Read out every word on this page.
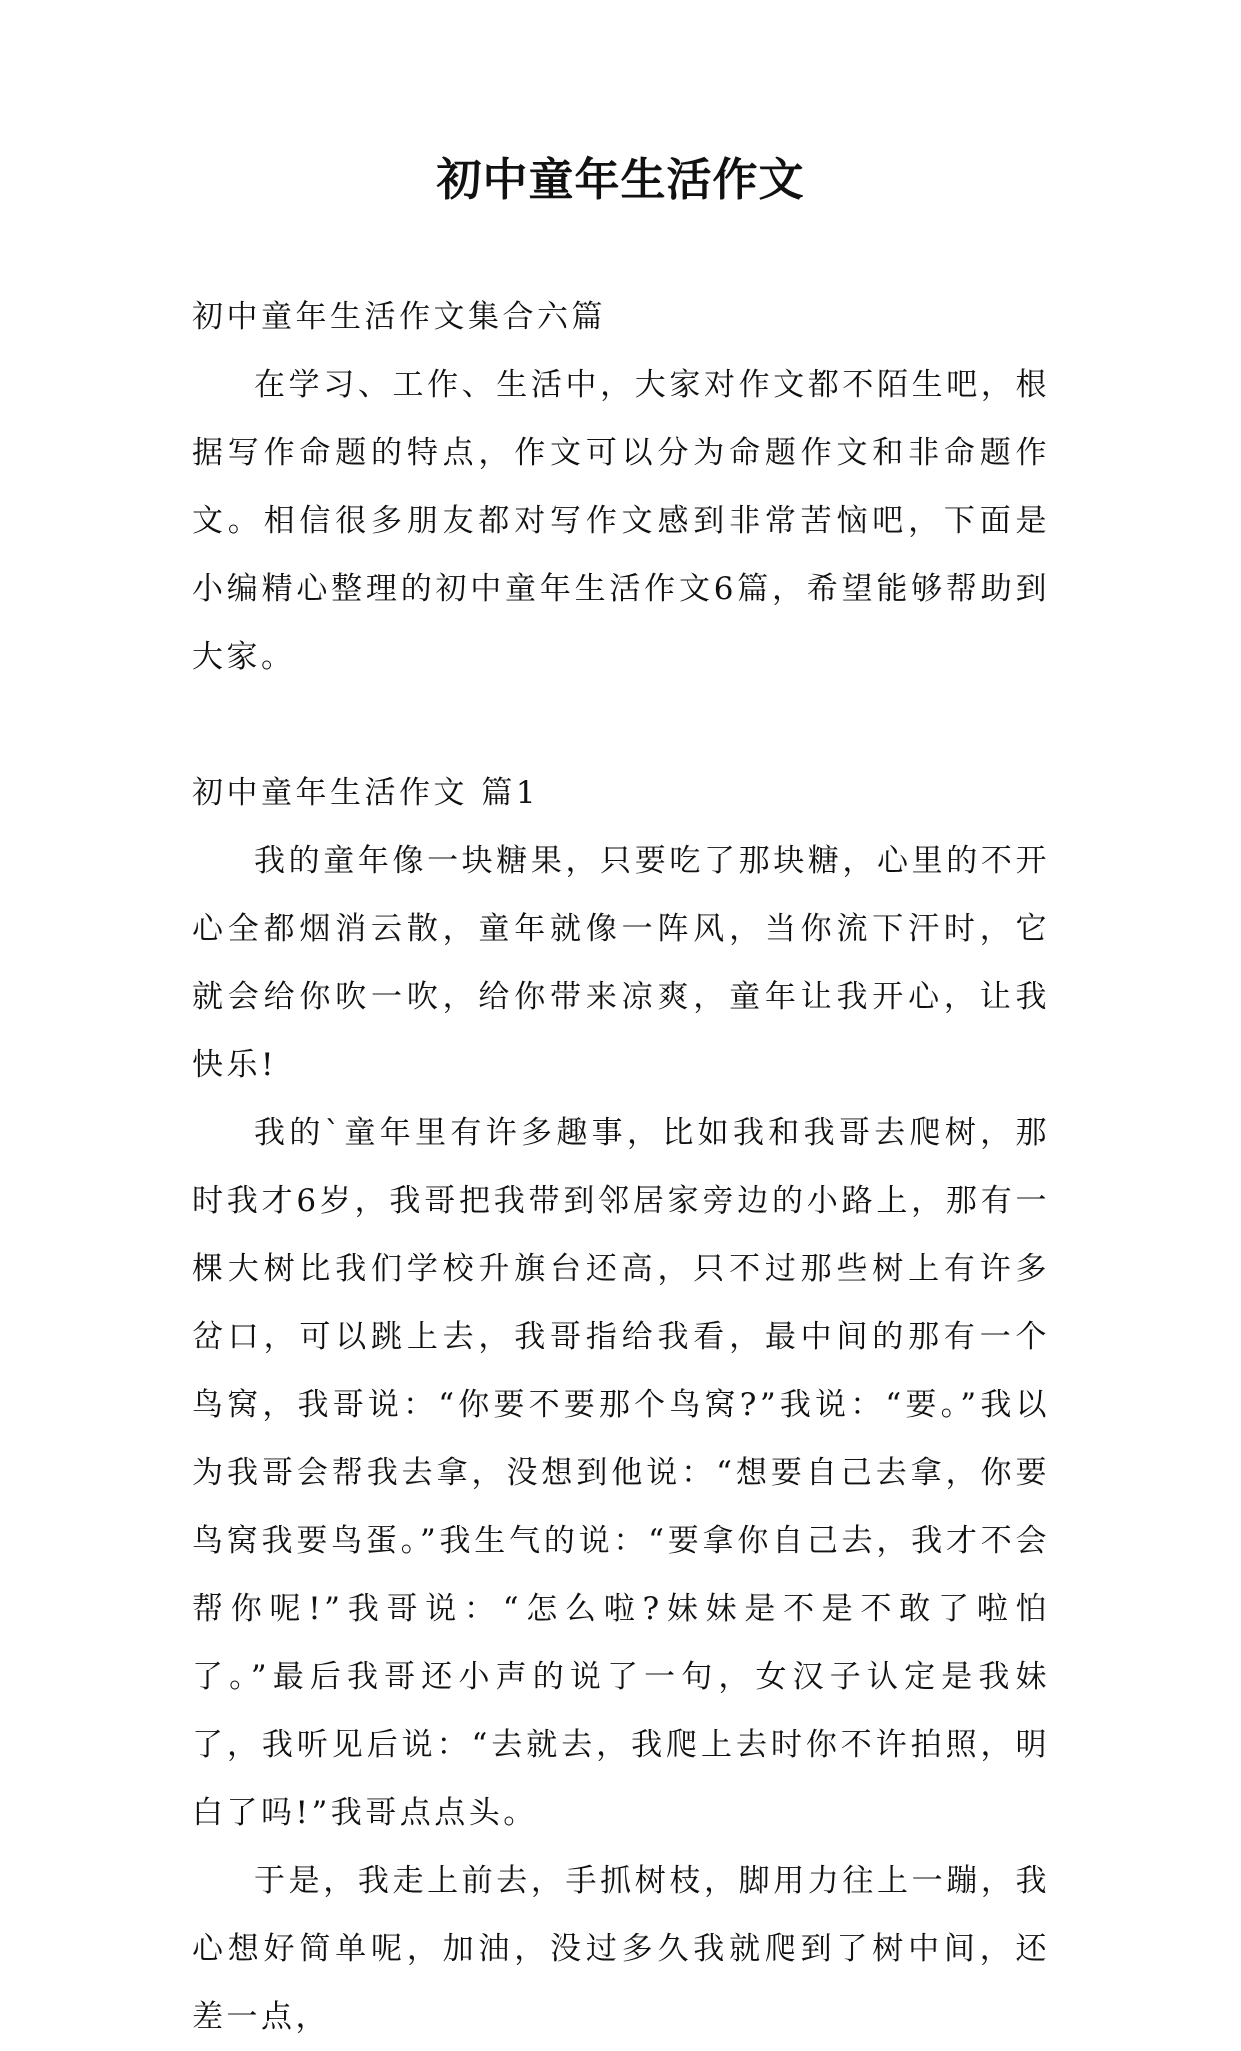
初中童年生活作文

初中童年生活作文集合六篇

在学习、工作、生活中，大家对作文都不陌生吧，根据写作命题的特点，作文可以分为命题作文和非命题作文。相信很多朋友都对写作文感到非常苦恼吧，下面是小编精心整理的初中童年生活作文6篇，希望能够帮助到大家。

初中童年生活作文 篇1

我的童年像一块糖果，只要吃了那块糖，心里的不开心全都烟消云散，童年就像一阵风，当你流下汗时，它就会给你吹一吹，给你带来凉爽，童年让我开心，让我快乐!

我的`童年里有许多趣事，比如我和我哥去爬树，那时我才6岁，我哥把我带到邻居家旁边的小路上，那有一棵大树比我们学校升旗台还高，只不过那些树上有许多岔口，可以跳上去，我哥指给我看，最中间的那有一个鸟窝，我哥说：“你要不要那个鸟窝?”我说：“要。”我以为我哥会帮我去拿，没想到他说：“想要自己去拿，你要鸟窝我要鸟蛋。”我生气的说：“要拿你自己去，我才不会帮你呢!”我哥说：“怎么啦?妹妹是不是不敢了啦怕了。”最后我哥还小声的说了一句，女汉子认定是我妹了，我听见后说：“去就去，我爬上去时你不许拍照，明白了吗!”我哥点点头。

于是，我走上前去，手抓树枝，脚用力往上一蹦，我心想好简单呢，加油，没过多久我就爬到了树中间，还差一点，
